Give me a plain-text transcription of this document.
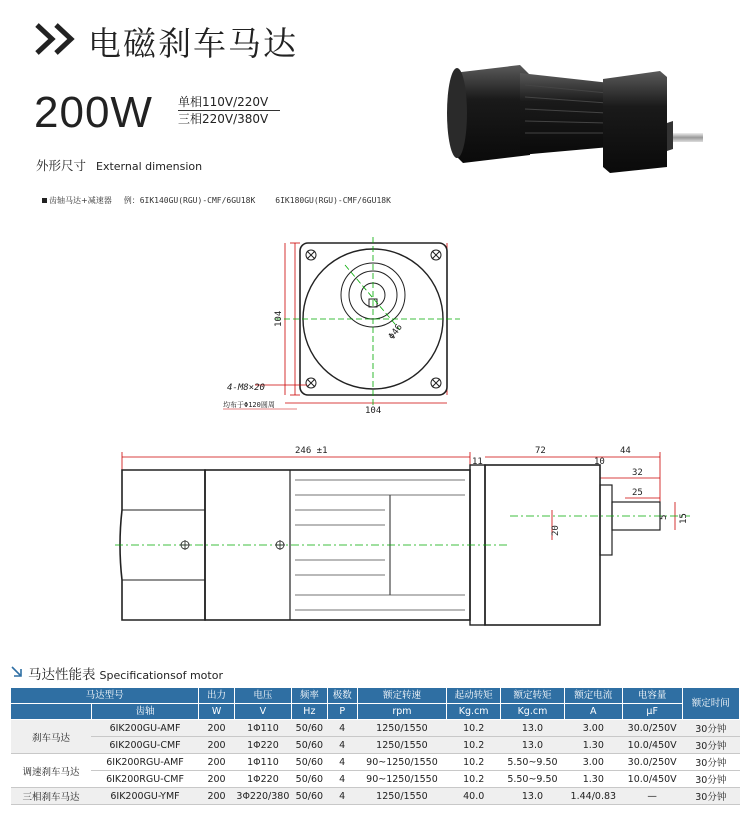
电磁刹车马达
200W 单相110V/220V
三相220V/380V
外形尺寸 External dimension
齿轴马达+减速器 例：6IK140GU(RGU)-CMF/6GU18K	6IK180GU(RGU)-CMF/6GU18K
104
104
Φ46
4-M8×20
均布于Φ120圆周
246 ±1
11
72
10
44
32
25
20
15
5
马达性能表 Specificationsof motor
马达型号		出力	电压	频率	极数	额定转速	起动转矩	额定转矩	额定电流	电容量	额定时间
	齿轴	W	V	Hz	P	rpm	Kg.cm	Kg.cm	A	μF	
刹车马达	6IK200GU-AMF	200	1Φ110	50/60	4	1250/1550	10.2	13.0	3.00	30.0/250V	30分钟
	6IK200GU-CMF	200	1Φ220	50/60	4	1250/1550	10.2	13.0	1.30	10.0/450V	30分钟
调速刹车马达	6IK200RGU-AMF	200	1Φ110	50/60	4	90~1250/1550	10.2	5.50~9.50	3.00	30.0/250V	30分钟
	6IK200RGU-CMF	200	1Φ220	50/60	4	90~1250/1550	10.2	5.50~9.50	1.30	10.0/450V	30分钟
三相刹车马达	6IK200GU-YMF	200	3Φ220/380	50/60	4	1250/1550	40.0	13.0	1.44/0.83	—	30分钟
